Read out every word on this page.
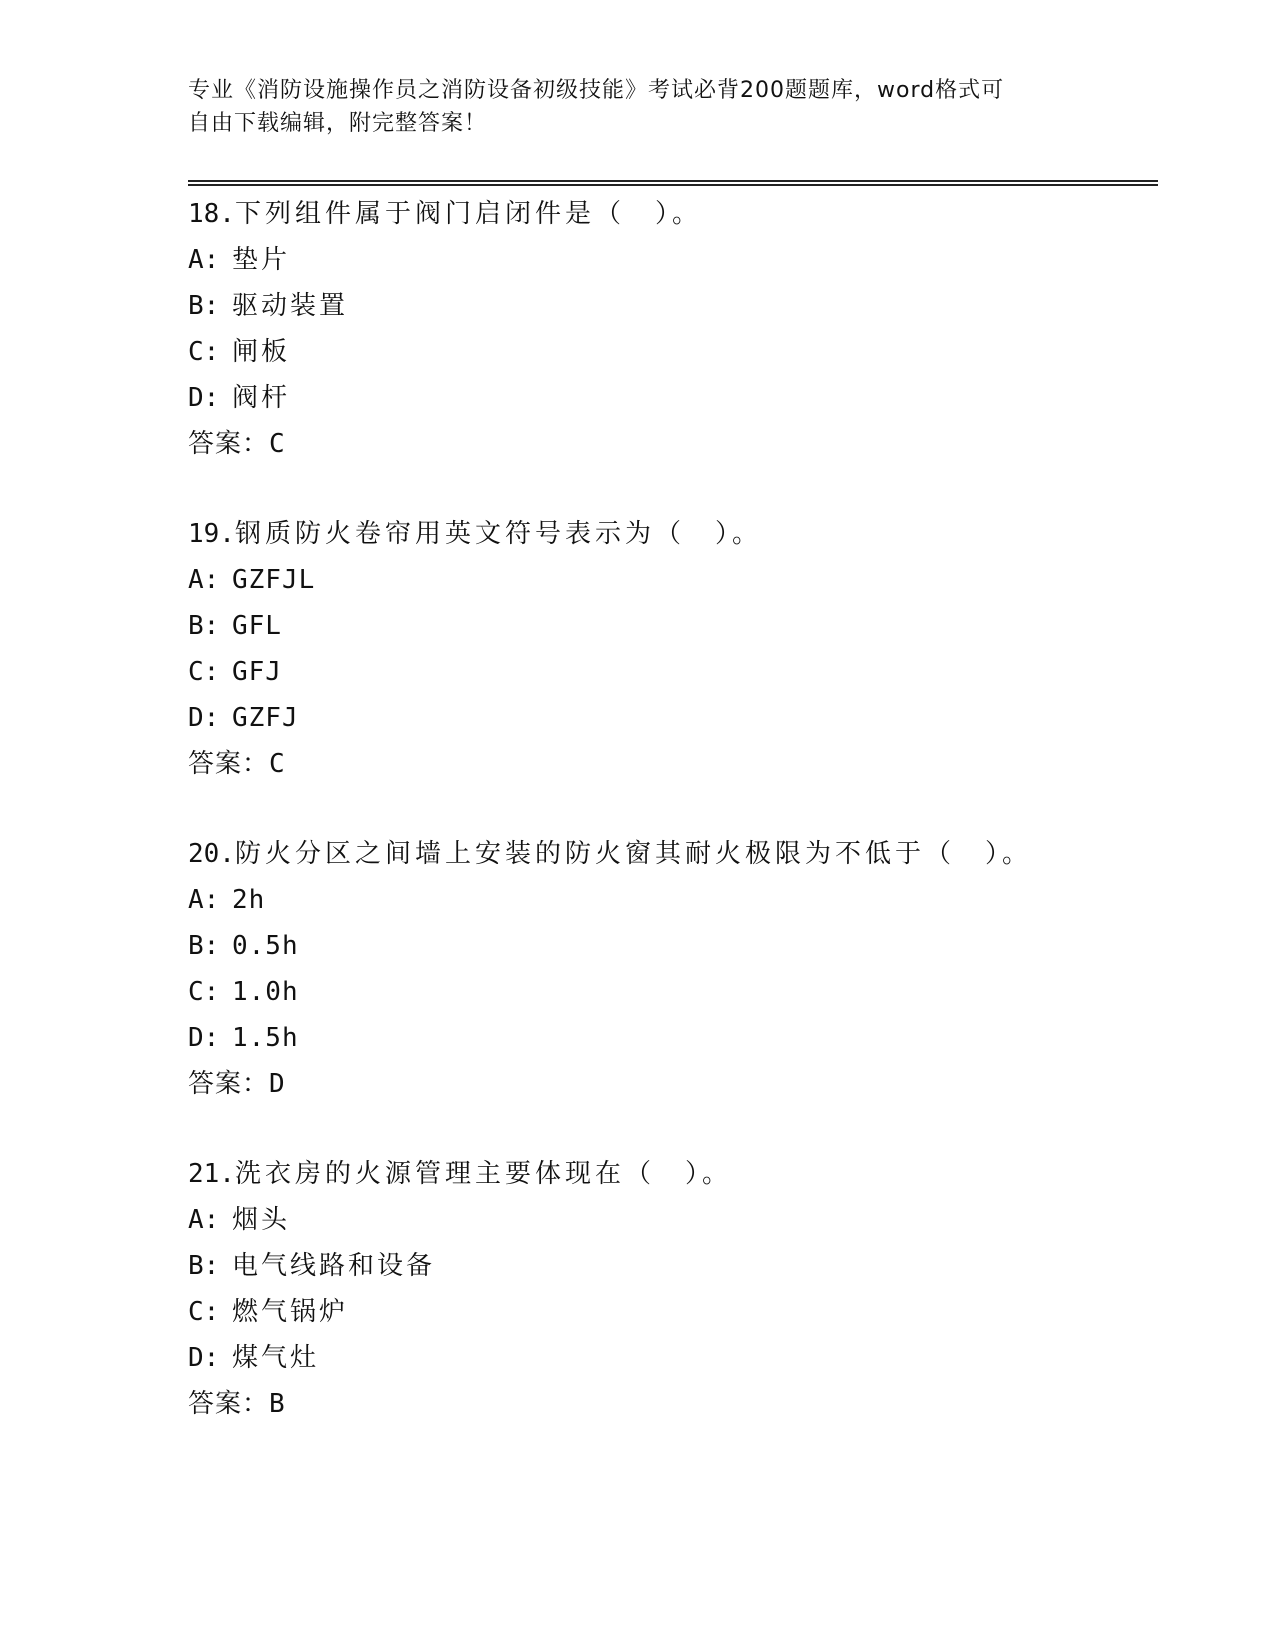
专业《消防设施操作员之消防设备初级技能》考试必背200题题库，word格式可
自由下载编辑，附完整答案！
18.下列组件属于阀门启闭件是（　）。
A: 垫片
B: 驱动装置
C: 闸板
D: 阀杆
答案：C
19.钢质防火卷帘用英文符号表示为（　）。
A: GZFJL
B: GFL
C: GFJ
D: GZFJ
答案：C
20.防火分区之间墙上安装的防火窗其耐火极限为不低于（　）。
A: 2h
B: 0.5h
C: 1.0h
D: 1.5h
答案：D
21.洗衣房的火源管理主要体现在（　）。
A: 烟头
B: 电气线路和设备
C: 燃气锅炉
D: 煤气灶
答案：B
